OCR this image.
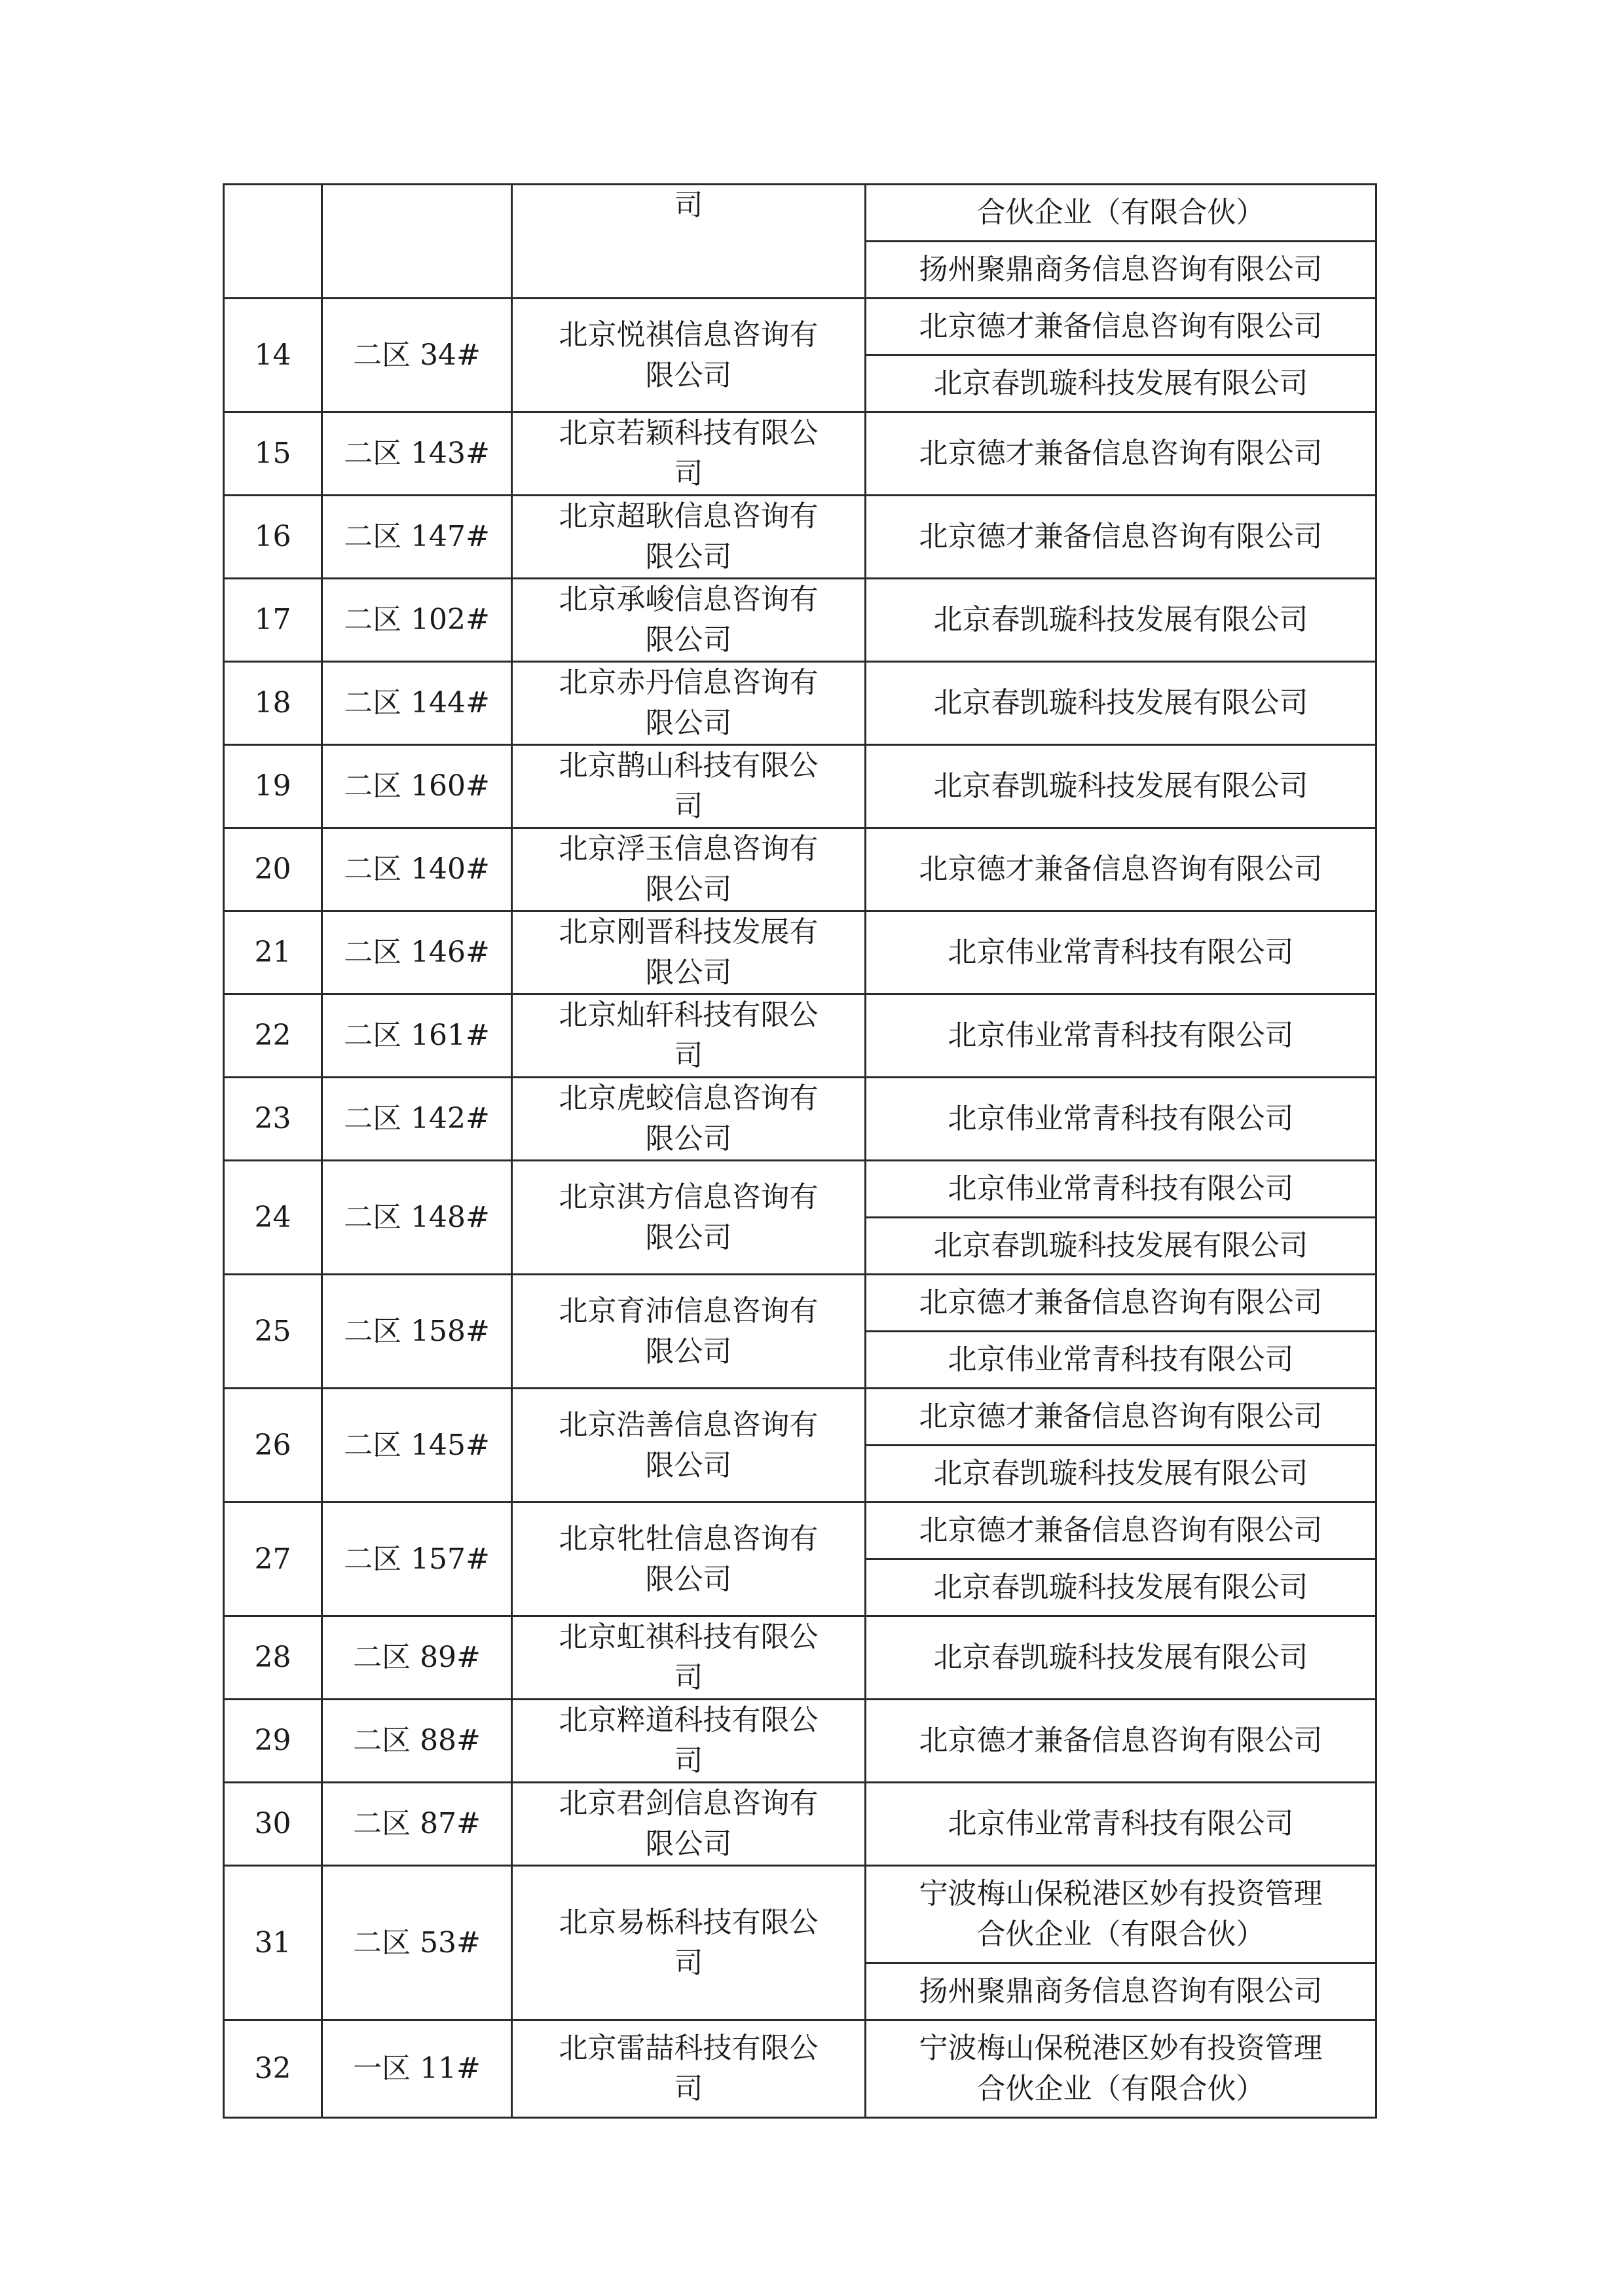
		司	合伙企业（有限合伙）

			扬州聚鼎商务信息咨询有限公司

14	二区 34#	北京悦祺信息咨询有
限公司	北京德才兼备信息咨询有限公司

			北京春凯璇科技发展有限公司

15	二区 143#	北京若颖科技有限公
司	北京德才兼备信息咨询有限公司

16	二区 147#	北京超耿信息咨询有
限公司	北京德才兼备信息咨询有限公司

17	二区 102#	北京承峻信息咨询有
限公司	北京春凯璇科技发展有限公司

18	二区 144#	北京赤丹信息咨询有
限公司	北京春凯璇科技发展有限公司

19	二区 160#	北京鹊山科技有限公
司	北京春凯璇科技发展有限公司

20	二区 140#	北京浮玉信息咨询有
限公司	北京德才兼备信息咨询有限公司

21	二区 146#	北京刚晋科技发展有
限公司	北京伟业常青科技有限公司

22	二区 161#	北京灿轩科技有限公
司	北京伟业常青科技有限公司

23	二区 142#	北京虎蛟信息咨询有
限公司	北京伟业常青科技有限公司

24	二区 148#	北京淇方信息咨询有
限公司	北京伟业常青科技有限公司

			北京春凯璇科技发展有限公司

25	二区 158#	北京育沛信息咨询有
限公司	北京德才兼备信息咨询有限公司

			北京伟业常青科技有限公司

26	二区 145#	北京浩善信息咨询有
限公司	北京德才兼备信息咨询有限公司

			北京春凯璇科技发展有限公司

27	二区 157#	北京牝牡信息咨询有
限公司	北京德才兼备信息咨询有限公司

			北京春凯璇科技发展有限公司

28	二区 89#	北京虹祺科技有限公
司	北京春凯璇科技发展有限公司

29	二区 88#	北京粹道科技有限公
司	北京德才兼备信息咨询有限公司

30	二区 87#	北京君剑信息咨询有
限公司	北京伟业常青科技有限公司

31	二区 53#	北京易栎科技有限公
司	宁波梅山保税港区妙有投资管理
合伙企业（有限合伙）

			扬州聚鼎商务信息咨询有限公司

32	一区 11#	北京雷喆科技有限公
司	宁波梅山保税港区妙有投资管理
合伙企业（有限合伙）
